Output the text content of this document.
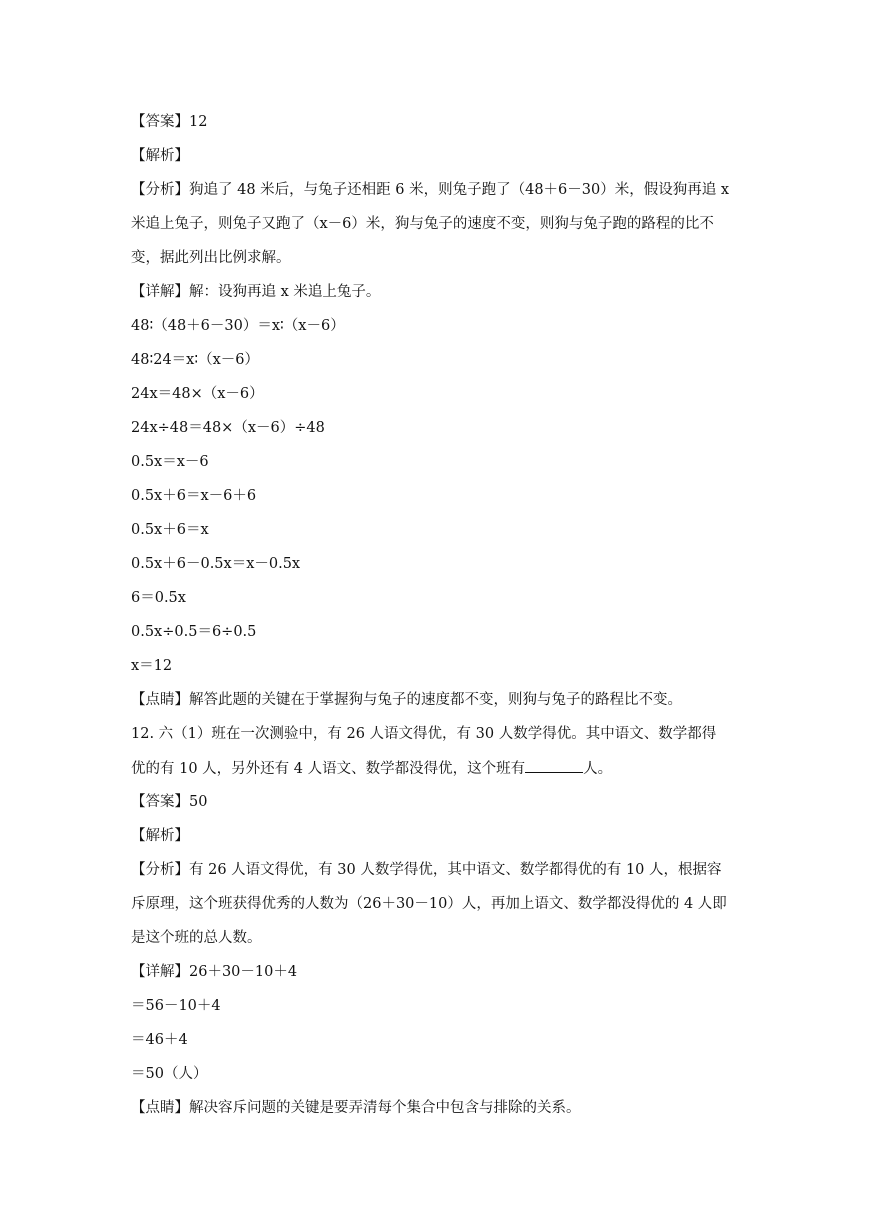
【答案】12
【解析】
【分析】狗追了 48 米后，与兔子还相距 6 米，则兔子跑了（48＋6－30）米，假设狗再追 x
米追上兔子，则兔子又跑了（x－6）米，狗与兔子的速度不变，则狗与兔子跑的路程的比不
变，据此列出比例求解。
【详解】解：设狗再追 x 米追上兔子。
48∶（48＋6－30）＝x∶（x－6）
48∶24＝x∶（x－6）
24x＝48×（x－6）
24x÷48＝48×（x－6）÷48
0.5x＝x－6
0.5x＋6＝x－6＋6
0.5x＋6＝x
0.5x＋6－0.5x＝x－0.5x
6＝0.5x
0.5x÷0.5＝6÷0.5
x＝12
【点睛】解答此题的关键在于掌握狗与兔子的速度都不变，则狗与兔子的路程比不变。
12. 六（1）班在一次测验中，有 26 人语文得优，有 30 人数学得优。其中语文、数学都得
优的有 10 人，另外还有 4 人语文、数学都没得优，这个班有	人。
【答案】50
【解析】
【分析】有 26 人语文得优，有 30 人数学得优，其中语文、数学都得优的有 10 人，根据容
斥原理，这个班获得优秀的人数为（26＋30－10）人，再加上语文、数学都没得优的 4 人即
是这个班的总人数。
【详解】26＋30－10＋4
＝56－10＋4
＝46＋4
＝50（人）
【点睛】解决容斥问题的关键是要弄清每个集合中包含与排除的关系。
